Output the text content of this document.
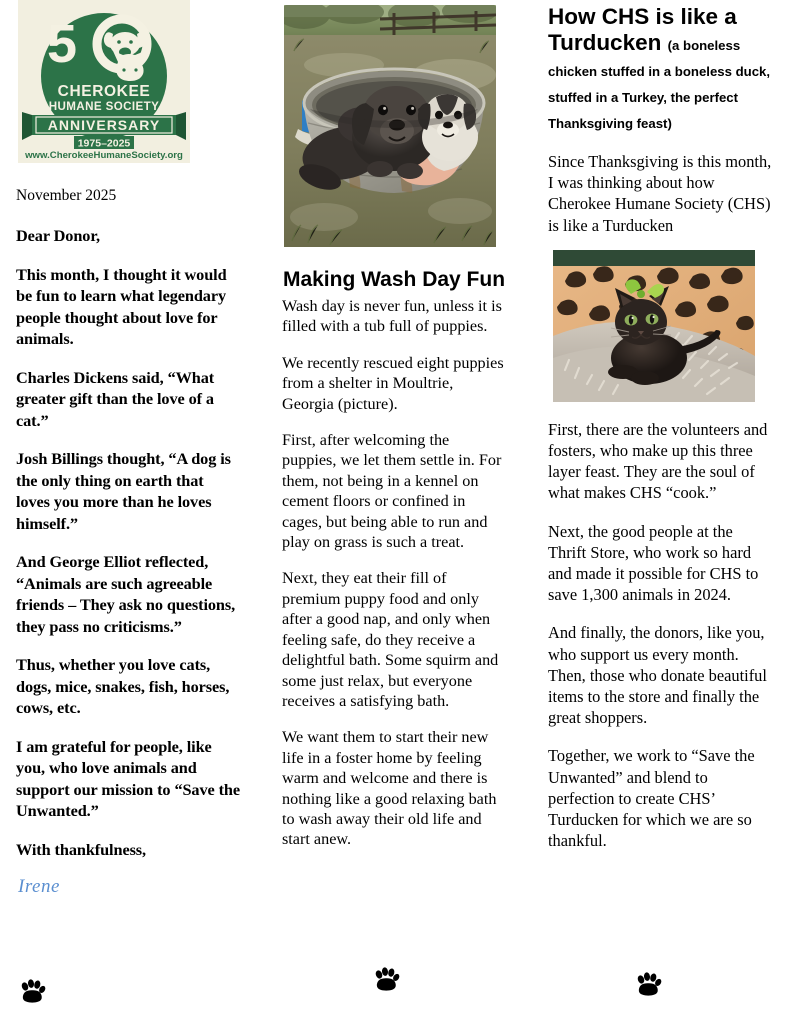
5
CHEROKEE
HUMANE SOCIETY
ANNIVERSARY
1975–2025
www.CherokeeHumaneSociety.org

November 2025

Dear Donor,

This month, I thought it would be fun to learn what legendary people thought about love for animals.

Charles Dickens said, “What greater gift than the love of a cat.”

Josh Billings thought, “A dog is the only thing on earth that loves you more than he loves himself.”

And George Elliot reflected, “Animals are such agreeable friends – They ask no questions, they pass no criticisms.”

Thus, whether you love cats, dogs, mice, snakes, fish, horses, cows, etc.

I am grateful for people, like you, who love animals and support our mission to “Save the Unwanted.”

With thankfulness,

Irene

Making Wash Day Fun

Wash day is never fun, unless it is filled with a tub full of puppies.

We recently rescued eight puppies from a shelter in Moultrie, Georgia (picture).

First, after welcoming the puppies, we let them settle in. For them, not being in a kennel on cement floors or confined in cages, but being able to run and play on grass is such a treat.

Next, they eat their fill of premium puppy food and only after a good nap, and only when feeling safe, do they receive a delightful bath. Some squirm and some just relax, but everyone receives a satisfying bath.

We want them to start their new life in a foster home by feeling warm and welcome and there is nothing like a good relaxing bath to wash away their old life and start anew.

How CHS is like a Turducken (a boneless chicken stuffed in a boneless duck, stuffed in a Turkey, the perfect Thanksgiving feast)

Since Thanksgiving is this month, I was thinking about how Cherokee Humane Society (CHS) is like a Turducken

First, there are the volunteers and fosters, who make up this three layer feast. They are the soul of what makes CHS “cook.”

Next, the good people at the Thrift Store, who work so hard and made it possible for CHS to save 1,300 animals in 2024.

And finally, the donors, like you, who support us every month. Then, those who donate beautiful items to the store and finally the great shoppers.

Together, we work to “Save the Unwanted” and blend to perfection to create CHS’ Turducken for which we are so thankful.
